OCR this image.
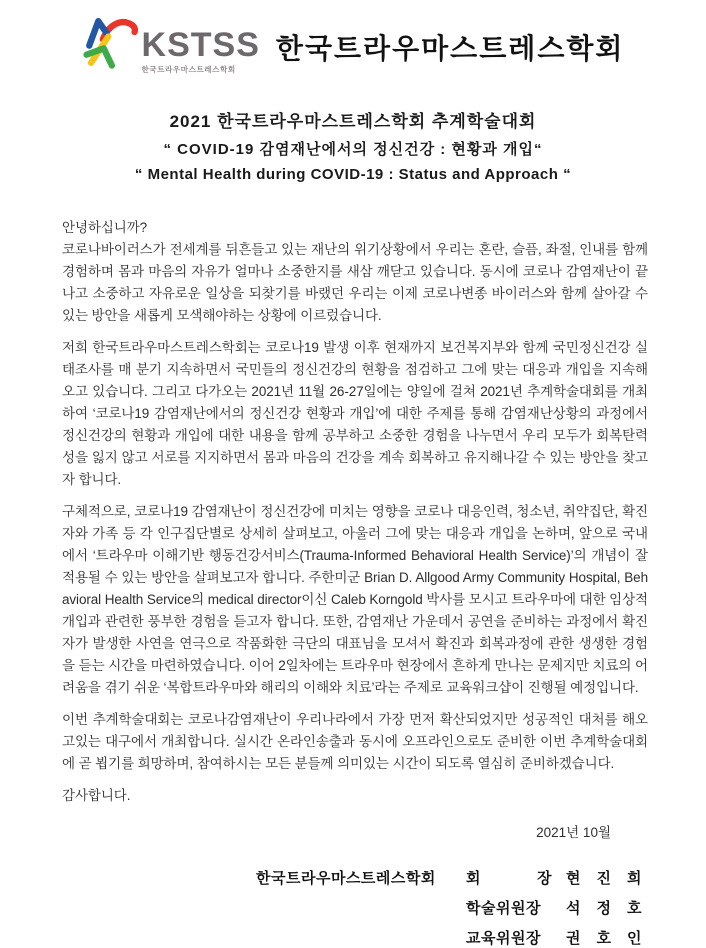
KSTSS
한국트라우마스트레스학회
한국트라우마스트레스학회
2021 한국트라우마스트레스학회 추계학술대회
“ COVID-19 감염재난에서의 정신건강 : 현황과 개입“
“ Mental Health during COVID-19 : Status and Approach “
안녕하십니까?

코로나바이러스가 전세계를 뒤흔들고 있는 재난의 위기상황에서 우리는 혼란, 슬픔, 좌절, 인내를 함께 경험하며 몸과 마음의 자유가 얼마나 소중한지를 새삼 깨닫고 있습니다. 동시에 코로나 감염재난이 끝나고 소중하고 자유로운 일상을 되찾기를 바랬던 우리는 이제 코로나변종 바이러스와 함께 살아갈 수 있는 방안을 새롭게 모색해야하는 상황에 이르렀습니다.

저희 한국트라우마스트레스학회는 코로나19 발생 이후 현재까지 보건복지부와 함께 국민정신건강 실태조사를 매 분기 지속하면서 국민들의 정신건강의 현황을 점검하고 그에 맞는 대응과 개입을 지속해오고 있습니다. 그리고 다가오는 2021년 11월 26-27일에는 양일에 걸쳐 2021년 추계학술대회를 개최하여 ‘코로나19 감염재난에서의 정신건강 현황과 개입’에 대한 주제를 통해 감염재난상황의 과정에서 정신건강의 현황과 개입에 대한 내용을 함께 공부하고 소중한 경험을 나누면서 우리 모두가 회복탄력성을 잃지 않고 서로를 지지하면서 몸과 마음의 건강을 계속 회복하고 유지해나갈 수 있는 방안을 찾고자 합니다.

구체적으로, 코로나19 감염재난이 정신건강에 미치는 영향을 코로나 대응인력, 청소년, 취약집단, 확진자와 가족 등 각 인구집단별로 상세히 살펴보고, 아울러 그에 맞는 대응과 개입을 논하며, 앞으로 국내에서 ‘트라우마 이해기반 행동건강서비스(Trauma-Informed Behavioral Health Service)’의 개념이 잘 적용될 수 있는 방안을 살펴보고자 합니다. 주한미군 Brian D. Allgood Army Community Hospital, Behavioral Health Service의 medical director이신 Caleb Korngold 박사를 모시고 트라우마에 대한 임상적 개입과 관련한 풍부한 경험을 듣고자 합니다. 또한, 감염재난 가운데서 공연을 준비하는 과정에서 확진자가 발생한 사연을 연극으로 작품화한 극단의 대표님을 모셔서 확진과 회복과정에 관한 생생한 경험을 듣는 시간을 마련하였습니다. 이어 2일차에는 트라우마 현장에서 흔하게 만나는 문제지만 치료의 어려움을 겪기 쉬운 ‘복합트라우마와 해리의 이해와 치료’라는 주제로 교육워크샵이 진행될 예정입니다.

이번 추계학술대회는 코로나감염재난이 우리나라에서 가장 먼저 확산되었지만 성공적인 대처를 해오고있는 대구에서 개최합니다. 실시간 온라인송출과 동시에 오프라인으로도 준비한 이번 추계학술대회에 곧 뵙기를 희망하며, 참여하시는 모든 분들께 의미있는 시간이 되도록 열심히 준비하겠습니다.

감사합니다.
2021년 10월
한국트라우마스트레스학회	회 장 현 진 희
학술위원장	석 정 호
교육위원장	권 호 인
